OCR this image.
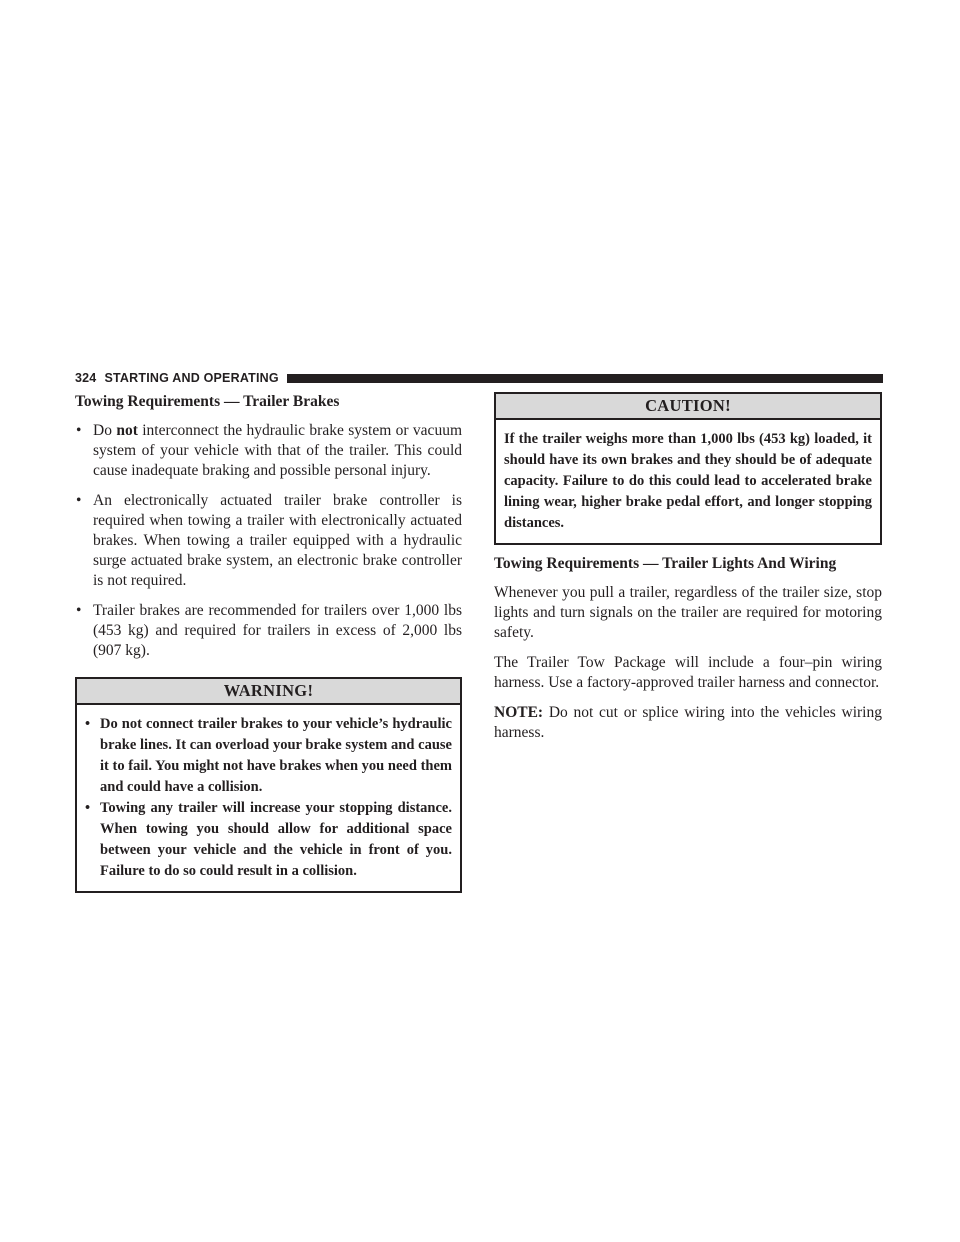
324 STARTING AND OPERATING
Towing Requirements — Trailer Brakes
• Do not interconnect the hydraulic brake system or vacuum system of your vehicle with that of the trailer. This could cause inadequate braking and possible personal injury.
• An electronically actuated trailer brake controller is required when towing a trailer with electronically actuated brakes. When towing a trailer equipped with a hydraulic surge actuated brake system, an electronic brake controller is not required.
• Trailer brakes are recommended for trailers over 1,000 lbs (453 kg) and required for trailers in excess of 2,000 lbs (907 kg).
WARNING!
• Do not connect trailer brakes to your vehicle’s hydraulic brake lines. It can overload your brake system and cause it to fail. You might not have brakes when you need them and could have a collision.
• Towing any trailer will increase your stopping distance. When towing you should allow for additional space between your vehicle and the vehicle in front of you. Failure to do so could result in a collision.
CAUTION!

If the trailer weighs more than 1,000 lbs (453 kg) loaded, it should have its own brakes and they should be of adequate capacity. Failure to do this could lead to accelerated brake lining wear, higher brake pedal effort, and longer stopping distances.

Towing Requirements — Trailer Lights And Wiring

Whenever you pull a trailer, regardless of the trailer size, stop lights and turn signals on the trailer are required for motoring safety.

The Trailer Tow Package will include a four–pin wiring harness. Use a factory-approved trailer harness and connector.

NOTE: Do not cut or splice wiring into the vehicles wiring harness.
